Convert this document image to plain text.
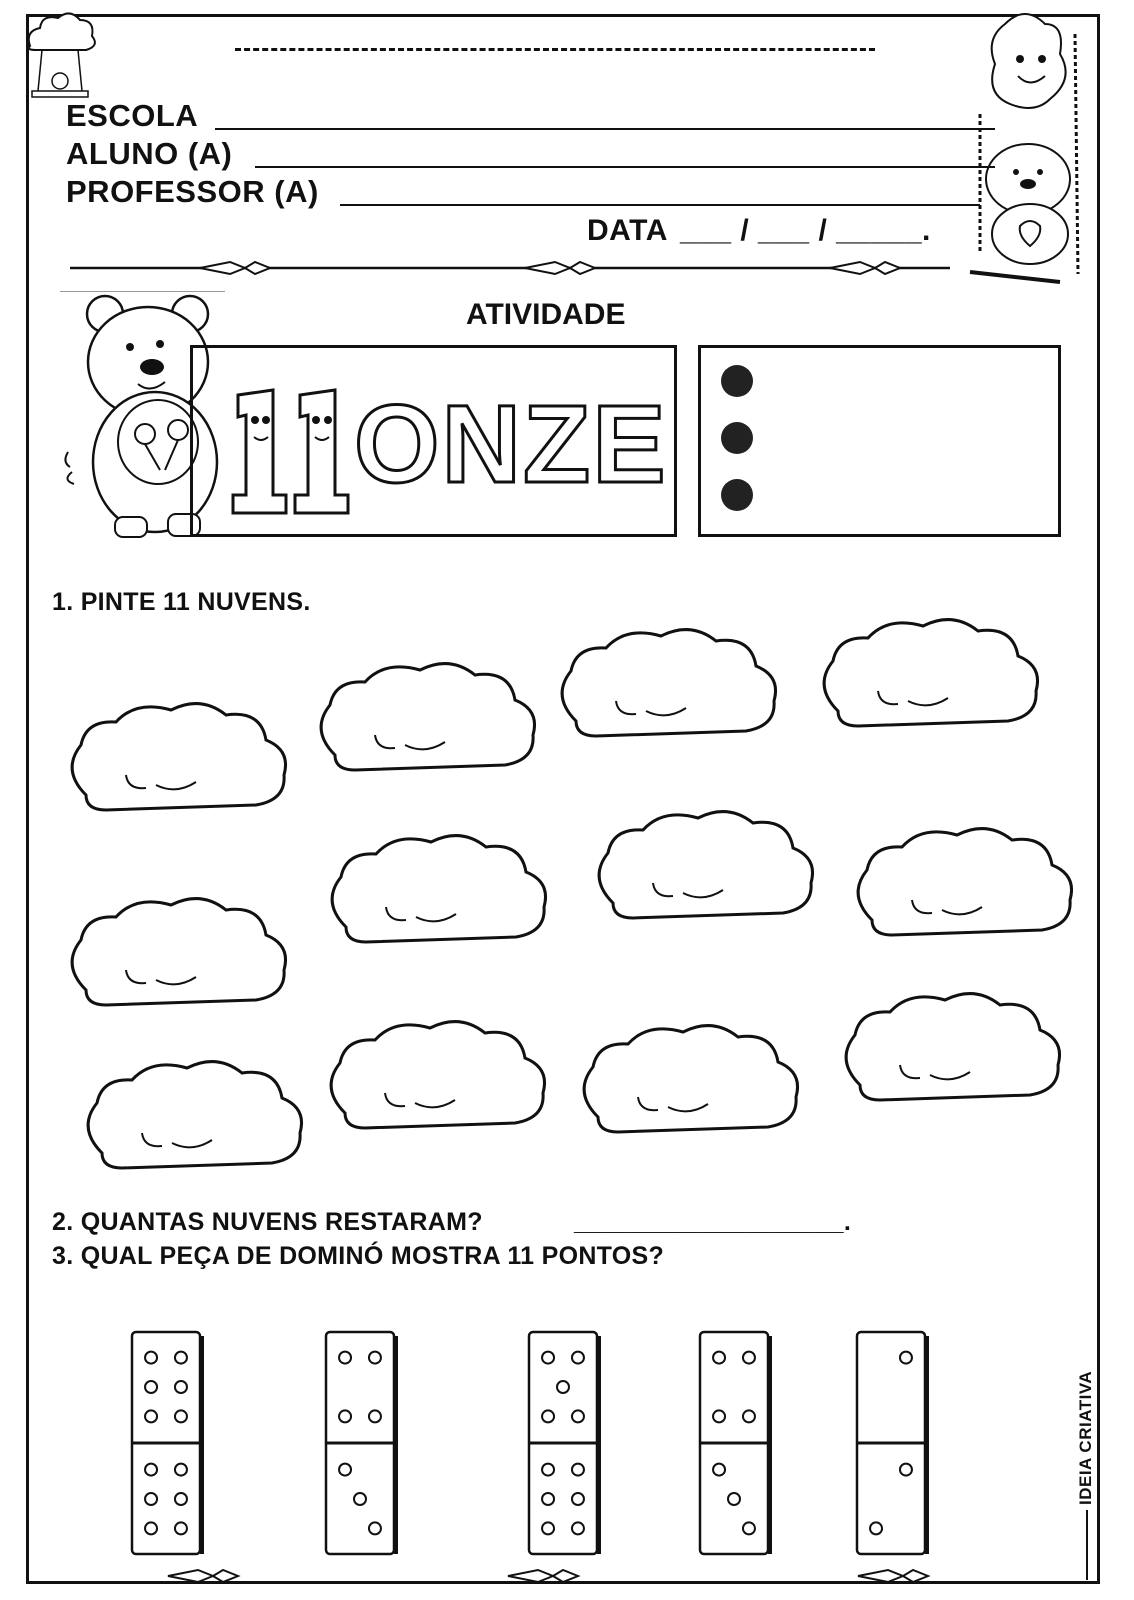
ESCOLA
ALUNO (A)
PROFESSOR (A)
DATA ___ / ___ / _____.
ATIVIDADE
ONZE
1. PINTE 11 NUVENS.
2. QUANTAS NUVENS RESTARAM?	___________________.
3. QUAL PEÇA DE DOMINÓ MOSTRA 11 PONTOS?
IDEIA CRIATIVA
